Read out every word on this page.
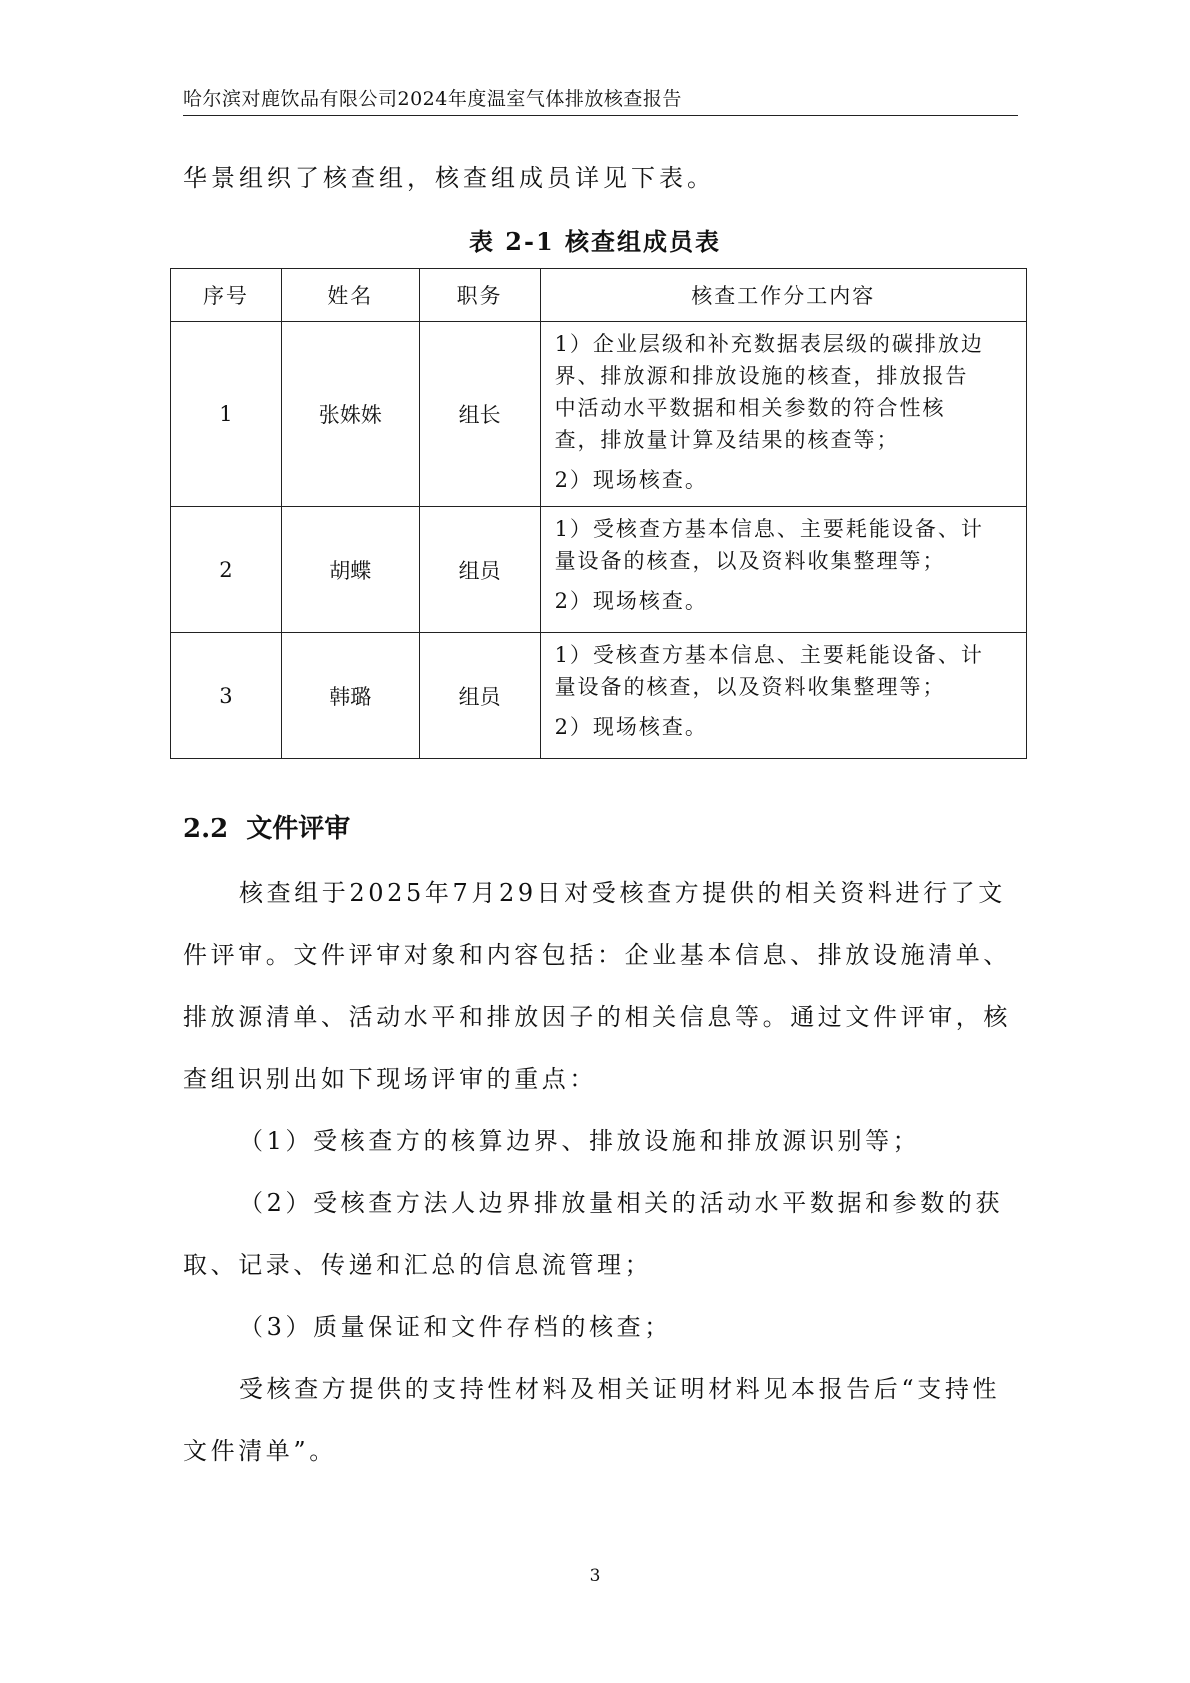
哈尔滨对鹿饮品有限公司2024年度温室气体排放核查报告
华景组织了核查组，核查组成员详见下表。
表 2-1 核查组成员表
序号	姓名	职务	核查工作分工内容
1	张姝姝	组长	1）企业层级和补充数据表层级的碳排放边
界、排放源和排放设施的核查，排放报告
中活动水平数据和相关参数的符合性核
查，排放量计算及结果的核查等；
2）现场核查。

2	胡蝶	组员	1）受核查方基本信息、主要耗能设备、计
量设备的核查，以及资料收集整理等；
2）现场核查。

3	韩璐	组员	1）受核查方基本信息、主要耗能设备、计
量设备的核查，以及资料收集整理等；
2）现场核查。
2.2 文件评审

核查组于2025年7月29日对受核查方提供的相关资料进行了文件评审。文件评审对象和内容包括：企业基本信息、排放设施清单、排放源清单、活动水平和排放因子的相关信息等。通过文件评审，核查组识别出如下现场评审的重点：

（1）受核查方的核算边界、排放设施和排放源识别等；

（2）受核查方法人边界排放量相关的活动水平数据和参数的获取、记录、传递和汇总的信息流管理；

（3）质量保证和文件存档的核查；

受核查方提供的支持性材料及相关证明材料见本报告后“支持性文件清单”。

3
